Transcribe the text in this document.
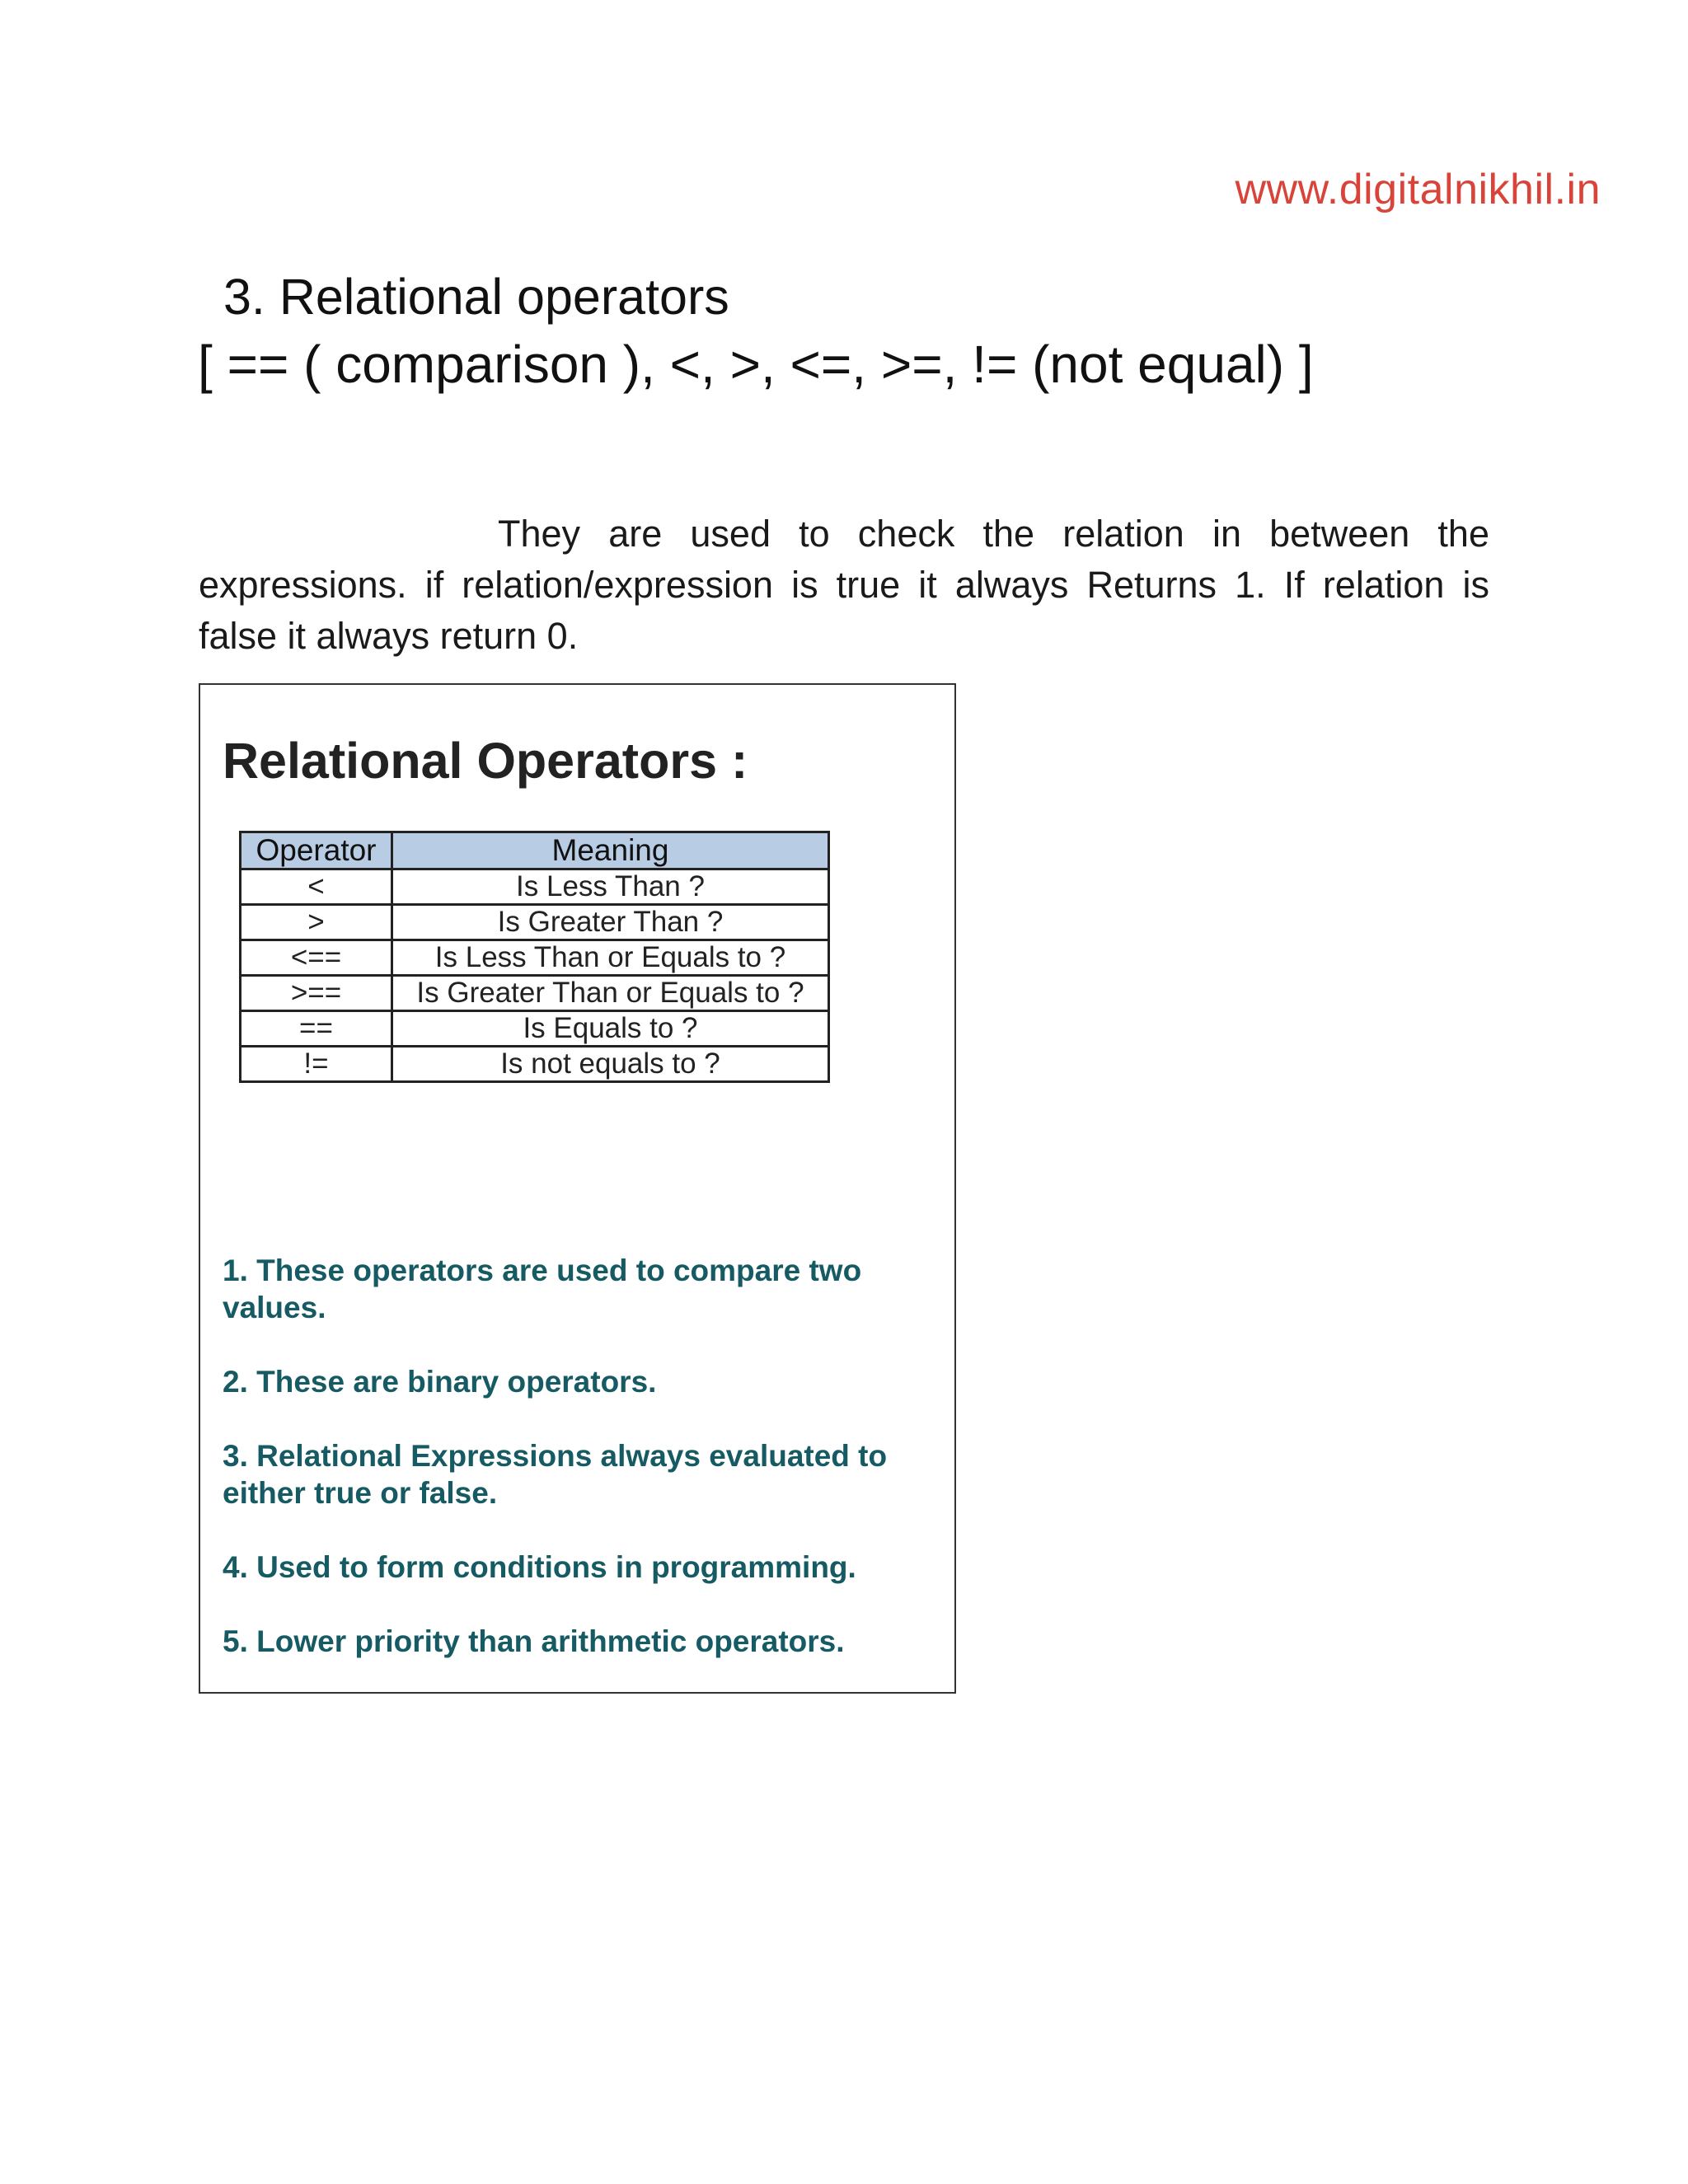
www.digitalnikhil.in
3. Relational operators
[ == ( comparison ), <, >, <=, >=, != (not equal) ]

They are used to check the relation in between the expressions. if relation/expression is true it always Returns 1. If relation is false it always return 0.

Relational Operators :
Operator	Meaning
<	Is Less Than ?
>	Is Greater Than ?
<==	Is Less Than or Equals to ?
>==	Is Greater Than or Equals to ?
==	Is Equals to ?
!=	Is not equals to ?
1. These operators are used to compare two values.
2. These are binary operators.
3. Relational Expressions always evaluated to either true or false.
4. Used to form conditions in programming.
5. Lower priority than arithmetic operators.
